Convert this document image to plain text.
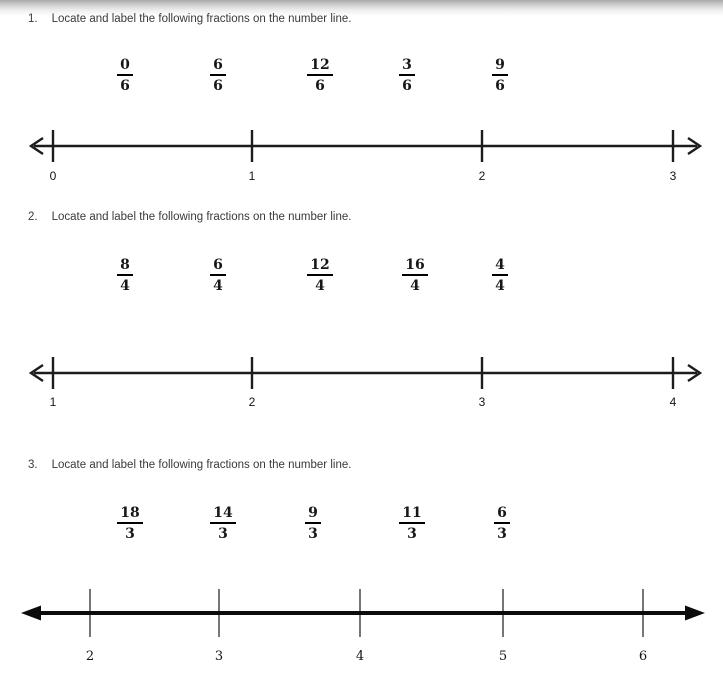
1. Locate and label the following fractions on the number line.
$\frac{0}{6}$	$\frac{6}{6}$	$\frac{12}{6}$	$\frac{3}{6}$	$\frac{9}{6}$
0	1	2	3
2. Locate and label the following fractions on the number line.
$\frac{8}{4}$	$\frac{6}{4}$	$\frac{12}{4}$	$\frac{16}{4}$	$\frac{4}{4}$
1	2	3	4
3. Locate and label the following fractions on the number line.
$\frac{18}{3}$	$\frac{14}{3}$	$\frac{9}{3}$	$\frac{11}{3}$	$\frac{6}{3}$
2	3	4	5	6
